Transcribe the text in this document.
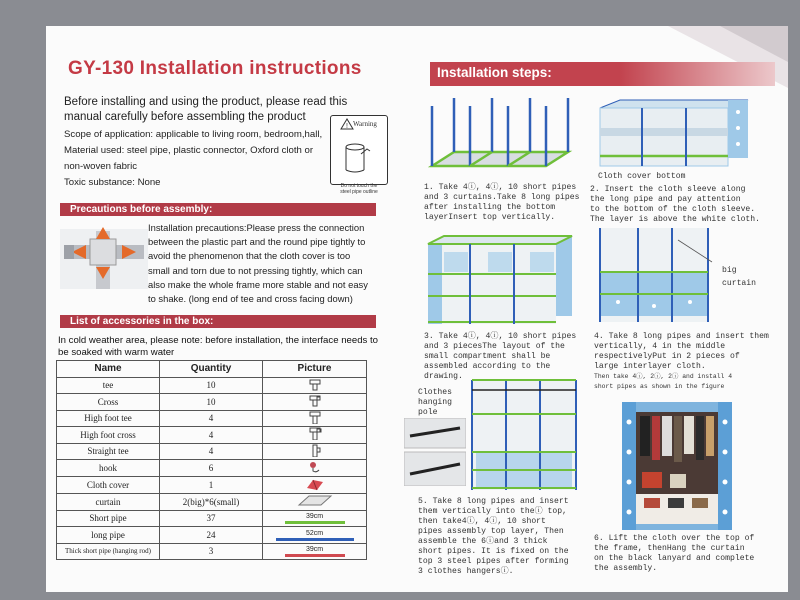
GY-130 Installation instructions
Before installing and using the product, please read this
manual carefully before assembling the product
Scope of application: applicable to living room, bedroom,hall,
Material used: steel pipe, plastic connector, Oxford cloth or
non-woven fabric
Toxic substance: None
! Warning
Do not touch the
steel pipe outline
Precautions before assembly:
Installation precautions:Please press the connection between the plastic part and the round pipe tightly to avoid the phenomenon that the cloth cover is too small and torn due to not pressing tightly, which can also make the whole frame more stable and not easy to shake. (long end of tee and cross facing down)
List of accessories in the box:
In cold weather area, please note: before installation, the interface needs to be soaked with warm water
Name	Quantity	Picture
tee	10	
Cross	10	
High foot tee	4	
High foot cross	4	
Straight tee	4	
hook	6	
Cloth cover	1	
curtain	2(big)*6(small)	
Short pipe	37	39cm

long pipe	24	52cm

Thick short pipe (hanging rod)	3	39cm
Installation steps:
1. Take 4ⓘ, 4ⓘ, 10 short pipes
and 3 curtains.Take 8 long pipes
after installing the bottom
layerInsert top vertically.
Cloth cover bottom
2. Insert the cloth sleeve along
the long pipe and pay attention
to the bottom of the cloth sleeve.
The layer is above the white cloth.
3. Take 4ⓘ, 4ⓘ, 10 short pipes
and 3 piecesThe layout of the
small compartment shall be
assembled according to the
drawing.
big
curtain
4. Take 8 long pipes and insert them
vertically, 4 in the middle
respectivelyPut in 2 pieces of
large interlayer cloth.
Then take 4ⓘ, 2ⓘ, 2ⓘ and install 4
short pipes as shown in the figure
Clothes
hanging
pole
5. Take 8 long pipes and insert
them vertically into theⓘ top,
then take4ⓘ, 4ⓘ, 10 short
pipes assembly top layer, Then
assemble the 6ⓘand 3 thick
short pipes. It is fixed on the
top 3 steel pipes after forming
3 clothes hangersⓘ.
6. Lift the cloth over the top of
the frame, thenHang the curtain
on the black lanyard and complete
the assembly.
